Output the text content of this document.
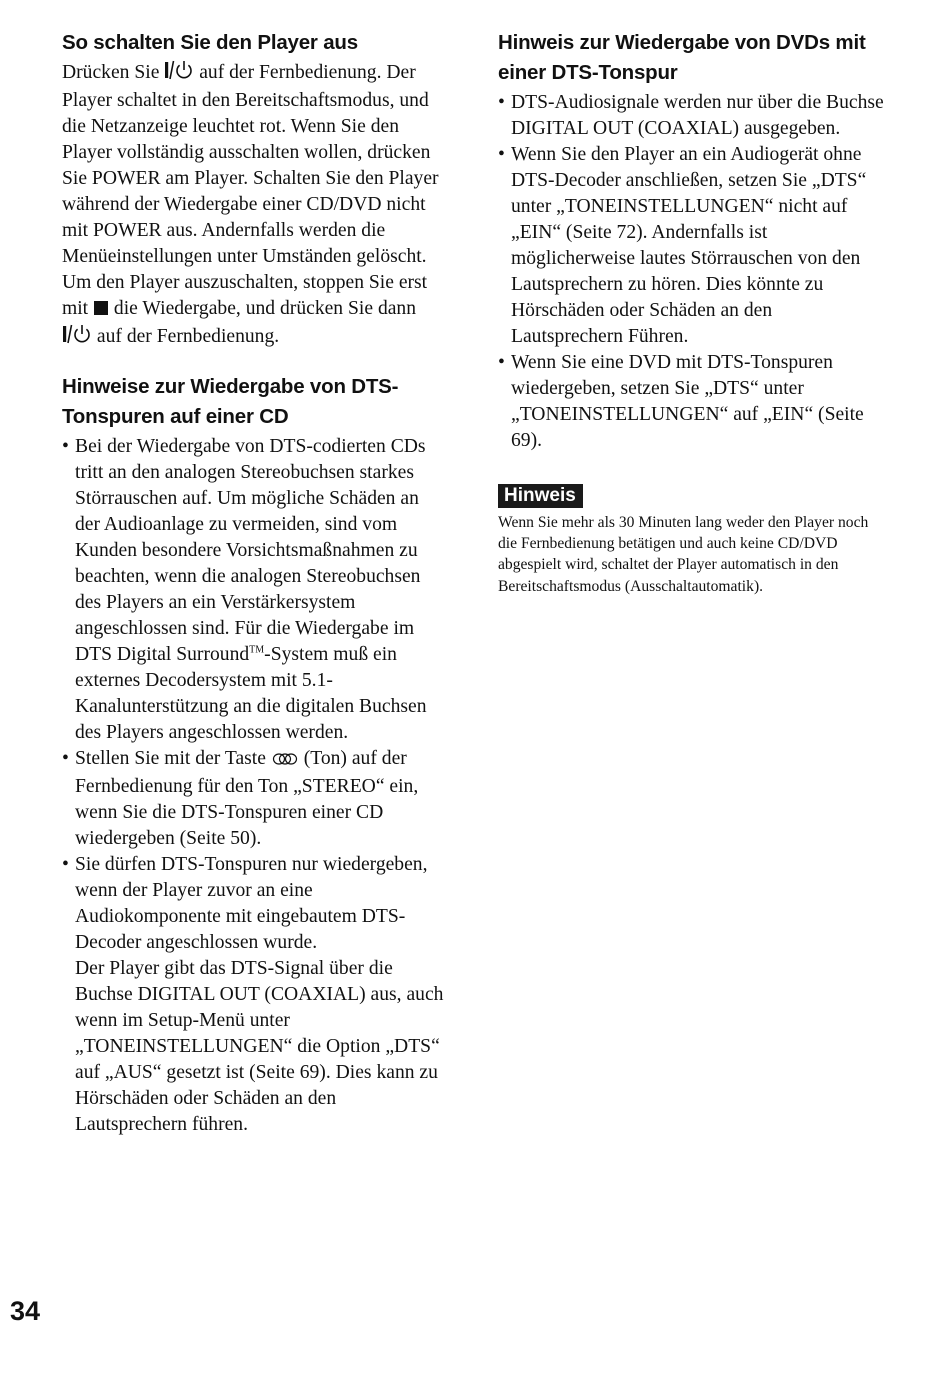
So schalten Sie den Player aus

Drücken Sie  auf der Fernbedienung. Der Player schaltet in den Bereitschaftsmodus, und die Netzanzeige leuchtet rot. Wenn Sie den Player vollständig ausschalten wollen, drücken Sie POWER am Player. Schalten Sie den Player während der Wiedergabe einer CD/DVD nicht mit POWER aus. Andernfalls werden die Menüeinstellungen unter Umständen gelöscht. Um den Player auszuschalten, stoppen Sie erst mit  die Wiedergabe, und drücken Sie dann  auf der Fernbedienung.

Hinweise zur Wiedergabe von DTS-Tonspuren auf einer CD
• Bei der Wiedergabe von DTS-codierten CDs tritt an den analogen Stereobuchsen starkes Störrauschen auf. Um mögliche Schäden an der Audioanlage zu vermeiden, sind vom Kunden besondere Vorsichtsmaßnahmen zu beachten, wenn die analogen Stereobuchsen des Players an ein Verstärkersystem angeschlossen sind. Für die Wiedergabe im DTS Digital Surround™-System muß ein externes Decodersystem mit 5.1-Kanalunterstützung an die digitalen Buchsen des Players angeschlossen werden.
• Stellen Sie mit der Taste  (Ton) auf der Fernbedienung für den Ton „STEREO“ ein, wenn Sie die DTS-Tonspuren einer CD wiedergeben (Seite 50).
• Sie dürfen DTS-Tonspuren nur wiedergeben, wenn der Player zuvor an eine Audiokomponente mit eingebautem DTS-Decoder angeschlossen wurde.
Der Player gibt das DTS-Signal über die Buchse DIGITAL OUT (COAXIAL) aus, auch wenn im Setup-Menü unter „TONEINSTELLUNGEN“ die Option „DTS“ auf „AUS“ gesetzt ist (Seite 69). Dies kann zu Hörschäden oder Schäden an den Lautsprechern führen.
Hinweis zur Wiedergabe von DVDs mit einer DTS-Tonspur
• DTS-Audiosignale werden nur über die Buchse DIGITAL OUT (COAXIAL) ausgegeben.
• Wenn Sie den Player an ein Audiogerät ohne DTS-Decoder anschließen, setzen Sie „DTS“ unter „TONEINSTELLUNGEN“ nicht auf „EIN“ (Seite 72). Andernfalls ist möglicherweise lautes Störrauschen von den Lautsprechern zu hören. Dies könnte zu Hörschäden oder Schäden an den Lautsprechern Führen.
• Wenn Sie eine DVD mit DTS-Tonspuren wiedergeben, setzen Sie „DTS“ unter „TONEINSTELLUNGEN“ auf „EIN“ (Seite 69).
Hinweis

Wenn Sie mehr als 30 Minuten lang weder den Player noch die Fernbedienung betätigen und auch keine CD/DVD abgespielt wird, schaltet der Player automatisch in den Bereitschaftsmodus (Ausschaltautomatik).

34
